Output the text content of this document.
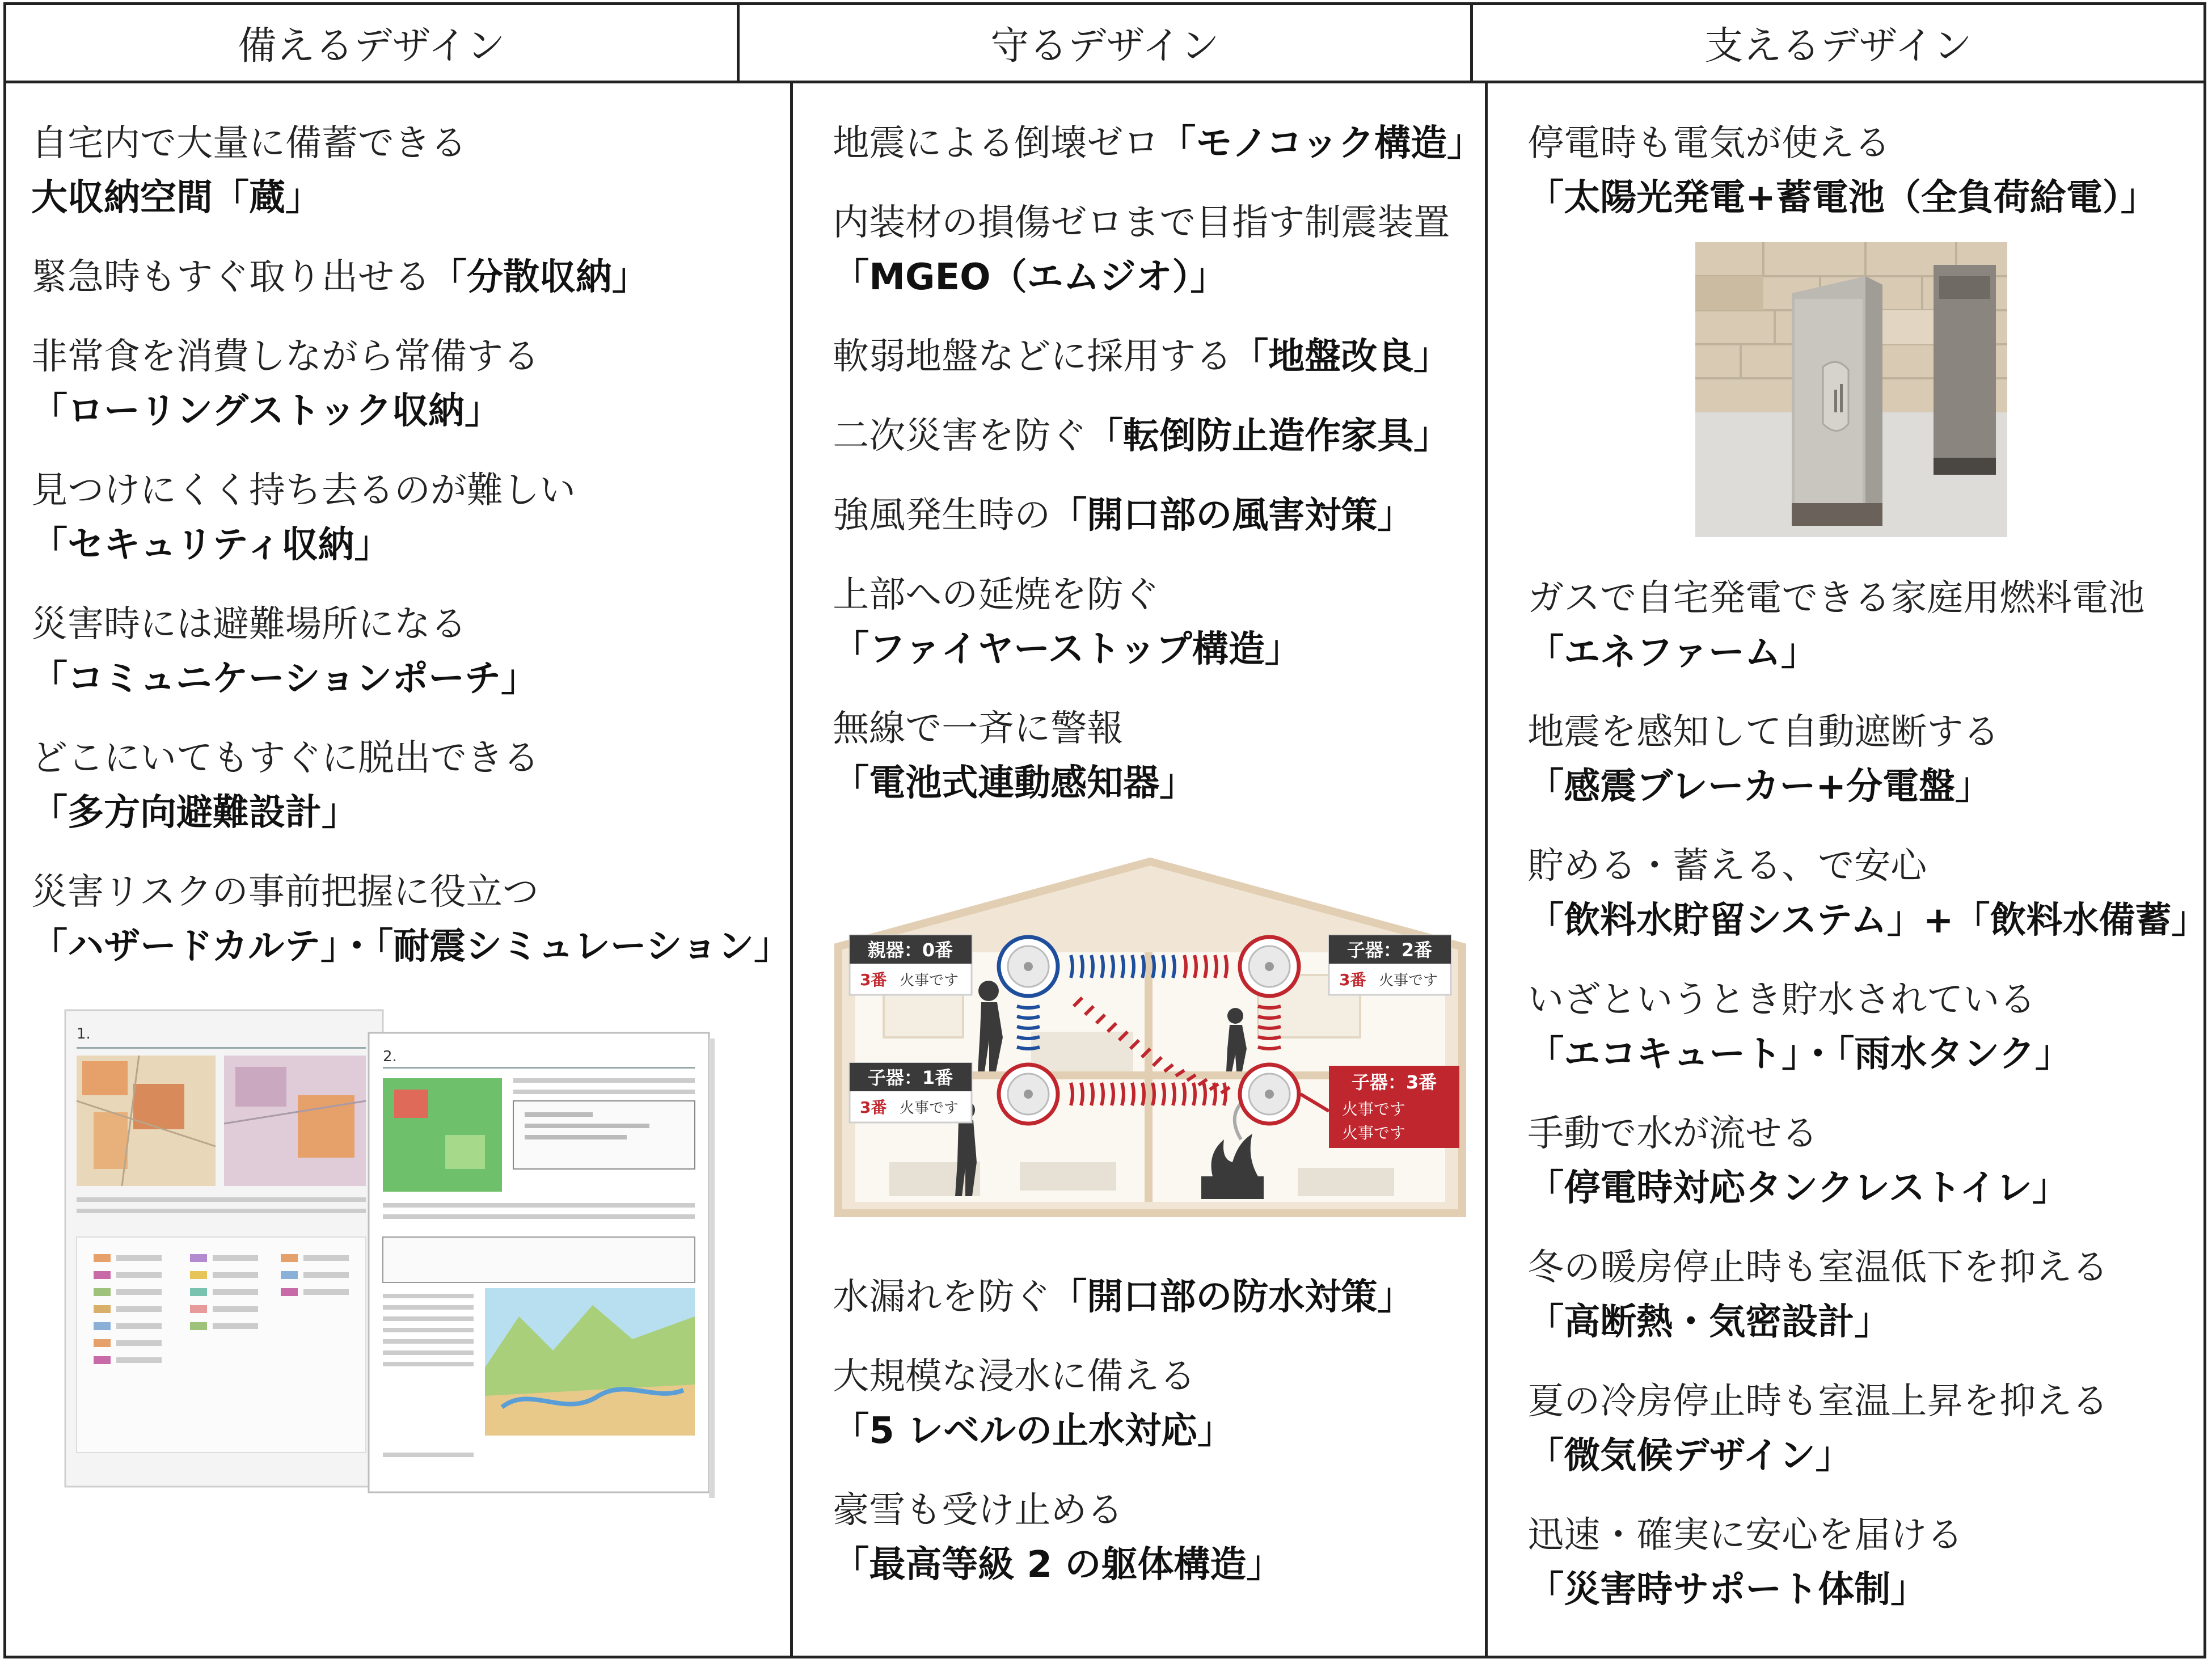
備えるデザイン	守るデザイン	支えるデザイン
自宅内で大量に備蓄できる
大収納空間「蔵」
緊急時もすぐ取り出せる「分散収納」
非常食を消費しながら常備する
「ローリングストック収納」
見つけにくく持ち去るのが難しい
「セキュリティ収納」
災害時には避難場所になる
「コミュニケーションポーチ」
どこにいてもすぐに脱出できる
「多方向避難設計」
災害リスクの事前把握に役立つ
「ハザードカルテ」・「耐震シミュレーション」
1.
2.
地震による倒壊ゼロ「モノコック構造」
内装材の損傷ゼロまで目指す制震装置
「MGEO（エムジオ）」
軟弱地盤などに採用する「地盤改良」
二次災害を防ぐ「転倒防止造作家具」
強風発生時の「開口部の風害対策」
上部への延焼を防ぐ
「ファイヤーストップ構造」
無線で一斉に警報
「電池式連動感知器」
親器：0番
3番 火事です
子器：2番
3番 火事です
子器：1番
3番 火事です
子器：3番
火事です
火事です
水漏れを防ぐ「開口部の防水対策」
大規模な浸水に備える
「5 レベルの止水対応」
豪雪も受け止める
「最高等級 2 の躯体構造」
停電時も電気が使える
「太陽光発電+蓄電池（全負荷給電）」
ガスで自宅発電できる家庭用燃料電池
「エネファーム」
地震を感知して自動遮断する
「感震ブレーカー+分電盤」
貯める・蓄える、で安心
「飲料水貯留システム」+「飲料水備蓄」
いざというとき貯水されている
「エコキュート」・「雨水タンク」
手動で水が流せる
「停電時対応タンクレストイレ」
冬の暖房停止時も室温低下を抑える
「高断熱・気密設計」
夏の冷房停止時も室温上昇を抑える
「微気候デザイン」
迅速・確実に安心を届ける
「災害時サポート体制」
